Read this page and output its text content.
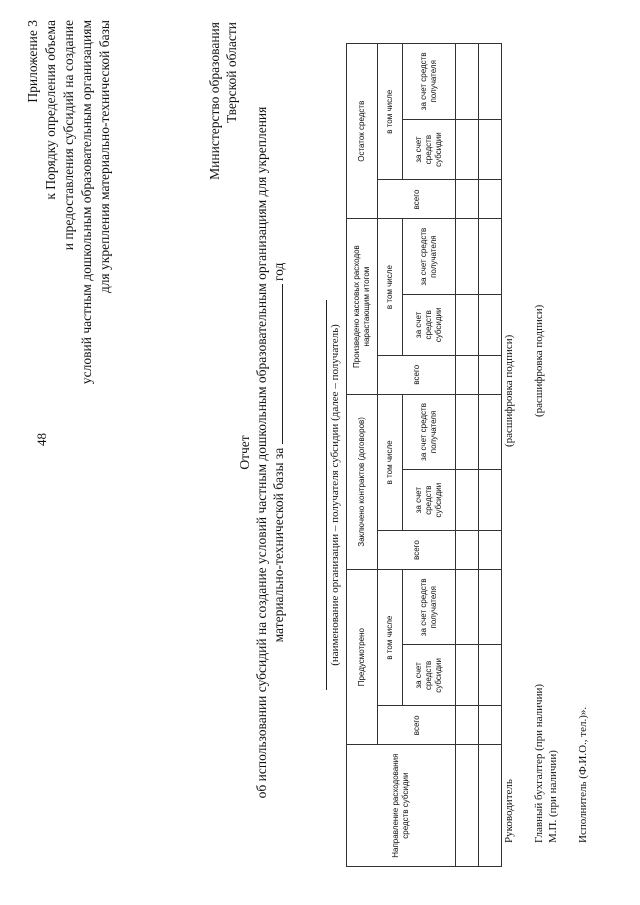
48
Приложение 3 к Порядку определения объема и предоставления субсидий на создание условий частным дошкольным образовательным организациям для укрепления материально-технической базы	Министерство образования Тверской области
Отчет об использовании субсидий на создание условий частным дошкольным образовательным организациям для укрепления материально-технической базы за  год
(наименование организации – получателя субсидии (далее – получатель)
Направление расходования средств субсидии	Предусмотрено			Заключено контрактов (договоров)			Произведено кассовых расходов нарастающим итогом			Остаток средств		
	всего	в том числе		всего	в том числе		всего	в том числе		всего	в том числе	
		за счет средств субсидии	за счет средств получателя		за счет средств субсидии	за счет средств получателя		за счет средств субсидии	за счет средств получателя		за счет средств субсидии	за счет средств получателя

Руководитель
(расшифровка подписи)
Главный бухгалтер (при наличии)
(расшифровка подписи)
М.П. (при наличии) Исполнитель (Ф.И.О., тел.)».
